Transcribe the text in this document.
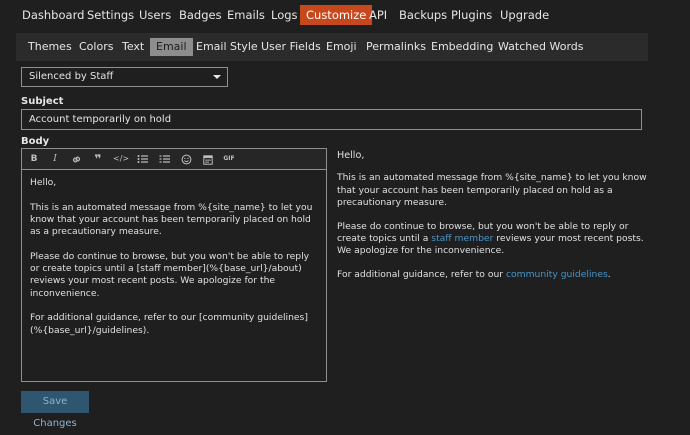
Dashboard Settings Users Badges Emails Logs Customize API Backups Plugins Upgrade
Themes Colors Text	Email Email Style User Fields Emoji Permalinks Embedding Watched Words
Silenced by Staff
Subject
Account temporarily on hold
Body
B	I	❞	</>	GIF

Hello,

This is an automated message from %{site_name} to let you know that your account has been temporarily placed on hold as a precautionary measure.

Please do continue to browse, but you won't be able to reply or create topics until a [staff member](%{base_url}/about) reviews your most recent posts. We apologize for the inconvenience.

For additional guidance, refer to our [community guidelines](%{base_url}/guidelines).

Hello,

This is an automated message from %{site_name} to let you know that your account has been temporarily placed on hold as a precautionary measure.

Please do continue to browse, but you won't be able to reply or create topics until a staff member reviews your most recent posts. We apologize for the inconvenience.

For additional guidance, refer to our community guidelines.

Save Changes
